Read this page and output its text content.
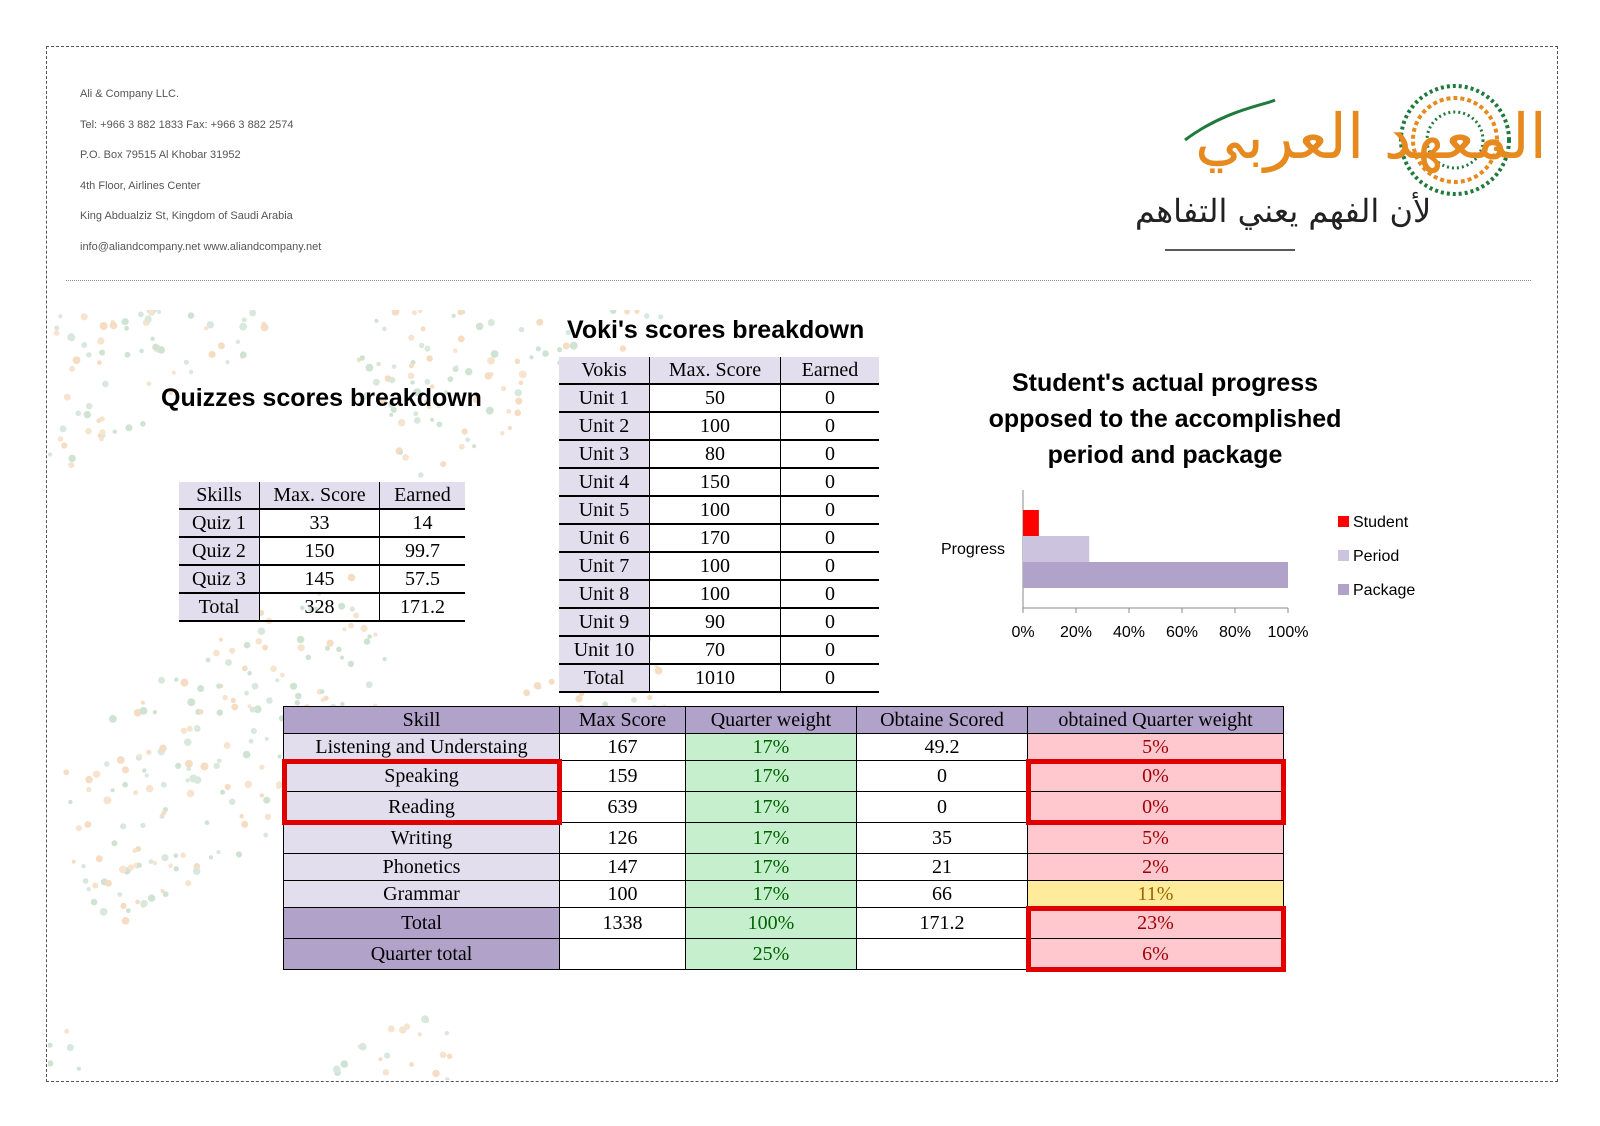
Ali & Company LLC.
Tel: +966 3 882 1833 Fax: +966 3 882 2574
P.O. Box 79515 Al Khobar 31952
4th Floor, Airlines Center
King Abdualziz St, Kingdom of Saudi Arabia
info@aliandcompany.net www.aliandcompany.net
المعهد العربي
لأن الفهم يعني التفاهم
Quizzes scores breakdown
Skills	Max. Score	Earned
Quiz 1	33	14
Quiz 2	150	99.7
Quiz 3	145	57.5
Total	328	171.2
Voki's scores breakdown
Vokis	Max. Score	Earned
Unit 1	50	0
Unit 2	100	0
Unit 3	80	0
Unit 4	150	0
Unit 5	100	0
Unit 6	170	0
Unit 7	100	0
Unit 8	100	0
Unit 9	90	0
Unit 10	70	0
Total	1010	0
Student's actual progress
opposed to the accomplished
period and package
0% 20% 40% 60% 80% 100%
Progress
Student
Period
Package
Skill	Max Score	Quarter weight	Obtaine Scored	obtained Quarter weight
Listening and Understaing	167	17%	49.2	5%
Speaking	159	17%	0	0%
Reading	639	17%	0	0%
Writing	126	17%	35	5%
Phonetics	147	17%	21	2%
Grammar	100	17%	66	11%
Total	1338	100%	171.2	23%
Quarter total		25%		6%
